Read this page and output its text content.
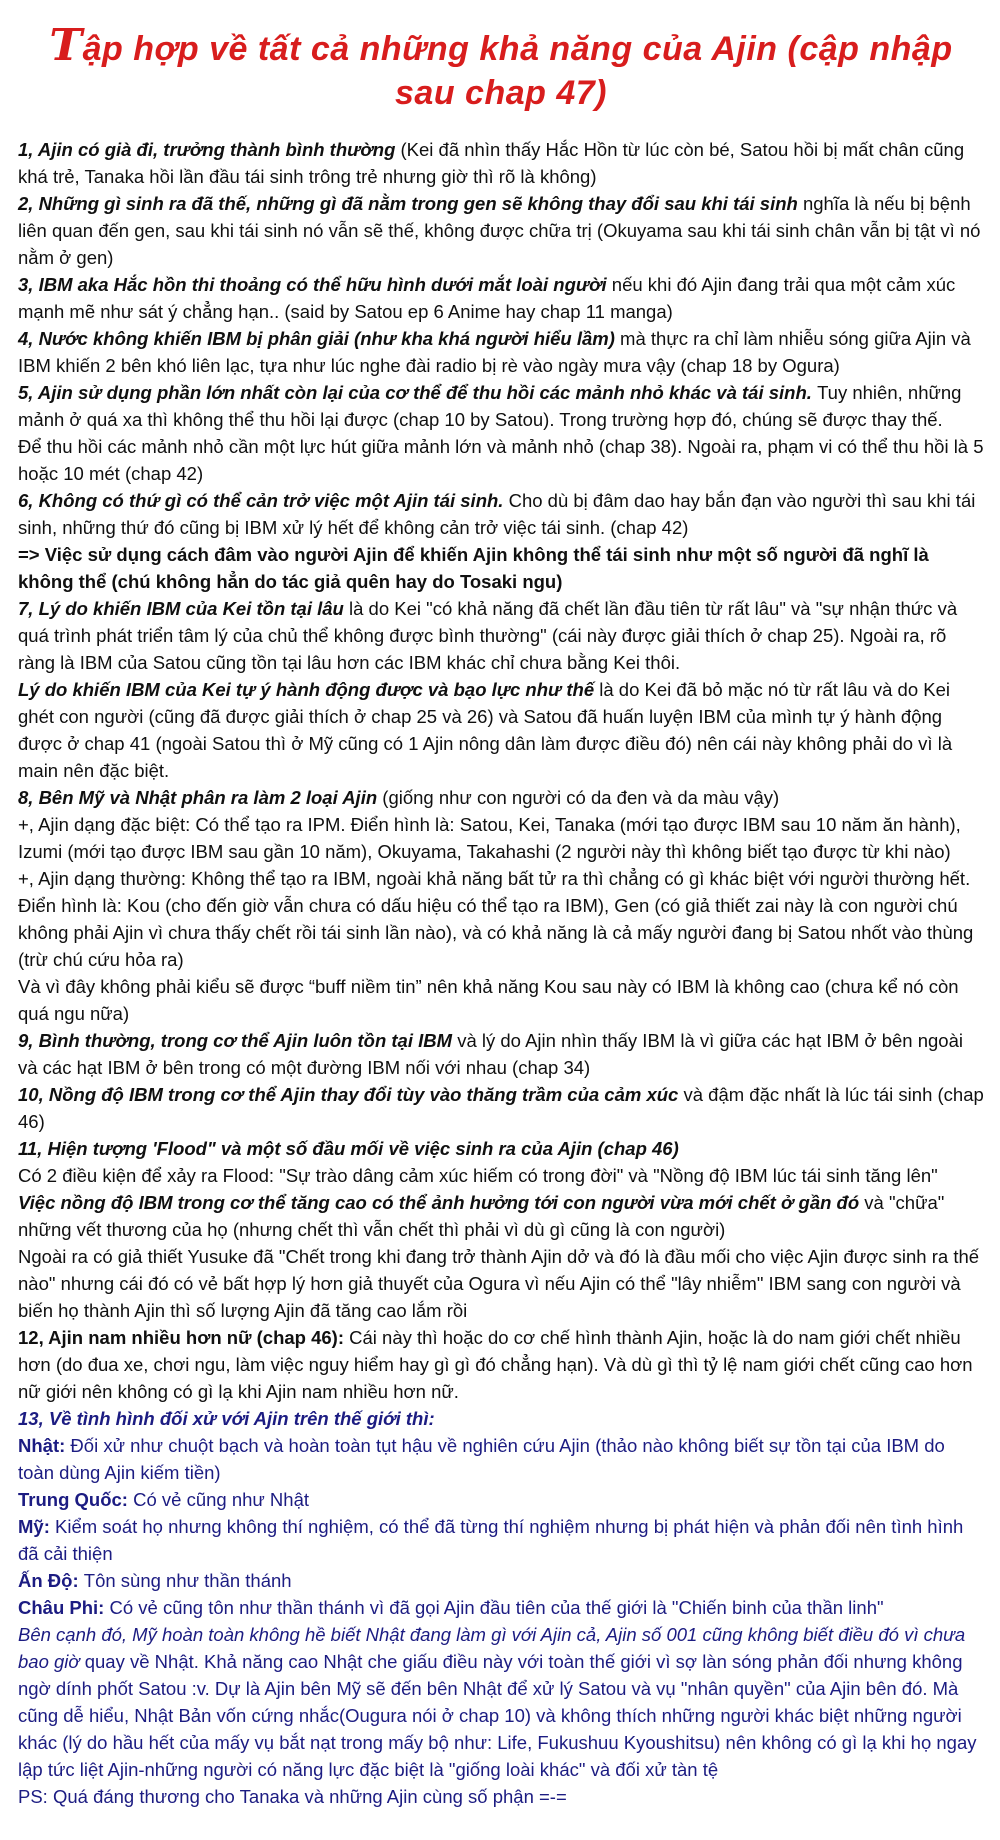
Tập hợp về tất cả những khả năng của Ajin (cập nhập sau chap 47)
1, Ajin có già đi, trưởng thành bình thường (Kei đã nhìn thấy Hắc Hồn từ lúc còn bé, Satou hồi bị mất chân cũng khá trẻ, Tanaka hồi lần đầu tái sinh trông trẻ nhưng giờ thì rõ là không)
2, Những gì sinh ra đã thế, những gì đã nằm trong gen sẽ không thay đổi sau khi tái sinh nghĩa là nếu bị bệnh liên quan đến gen, sau khi tái sinh nó vẫn sẽ thế, không được chữa trị (Okuyama sau khi tái sinh chân vẫn bị tật vì nó nằm ở gen)
3, IBM aka Hắc hồn thi thoảng có thể hữu hình dưới mắt loài người nếu khi đó Ajin đang trải qua một cảm xúc mạnh mẽ như sát ý chẳng hạn.. (said by Satou ep 6 Anime hay chap 11 manga)
4, Nước không khiến IBM bị phân giải (như kha khá người hiểu lầm) mà thực ra chỉ làm nhiễu sóng giữa Ajin và IBM khiến 2 bên khó liên lạc, tựa như lúc nghe đài radio bị rè vào ngày mưa vậy (chap 18 by Ogura)
5, Ajin sử dụng phần lớn nhất còn lại của cơ thể để thu hồi các mảnh nhỏ khác và tái sinh. Tuy nhiên, những mảnh ở quá xa thì không thể thu hồi lại được (chap 10 by Satou). Trong trường hợp đó, chúng sẽ được thay thế.
Để thu hồi các mảnh nhỏ cần một lực hút giữa mảnh lớn và mảnh nhỏ (chap 38). Ngoài ra, phạm vi có thể thu hồi là 5 hoặc 10 mét (chap 42)
6, Không có thứ gì có thể cản trở việc một Ajin tái sinh. Cho dù bị đâm dao hay bắn đạn vào người thì sau khi tái sinh, những thứ đó cũng bị IBM xử lý hết để không cản trở việc tái sinh. (chap 42)
=> Việc sử dụng cách đâm vào người Ajin để khiến Ajin không thể tái sinh như một số người đã nghĩ là không thể (chú không hẳn do tác giả quên hay do Tosaki ngu)
7, Lý do khiến IBM của Kei tồn tại lâu là do Kei "có khả năng đã chết lần đầu tiên từ rất lâu" và "sự nhận thức và quá trình phát triển tâm lý của chủ thể không được bình thường" (cái này được giải thích ở chap 25). Ngoài ra, rõ ràng là IBM của Satou cũng tồn tại lâu hơn các IBM khác chỉ chưa bằng Kei thôi.
Lý do khiến IBM của Kei tự ý hành động được và bạo lực như thế là do Kei đã bỏ mặc nó từ rất lâu và do Kei ghét con người (cũng đã được giải thích ở chap 25 và 26) và Satou đã huấn luyện IBM của mình tự ý hành động được ở chap 41 (ngoài Satou thì ở Mỹ cũng có 1 Ajin nông dân làm được điều đó) nên cái này không phải do vì là main nên đặc biệt.
8, Bên Mỹ và Nhật phân ra làm 2 loại Ajin (giống như con người có da đen và da màu vậy)
+, Ajin dạng đặc biệt: Có thể tạo ra IPM. Điển hình là: Satou, Kei, Tanaka (mới tạo được IBM sau 10 năm ăn hành), Izumi (mới tạo được IBM sau gần 10 năm), Okuyama, Takahashi (2 người này thì không biết tạo được từ khi nào)
+, Ajin dạng thường: Không thể tạo ra IBM, ngoài khả năng bất tử ra thì chẳng có gì khác biệt với người thường hết. Điển hình là: Kou (cho đến giờ vẫn chưa có dấu hiệu có thể tạo ra IBM), Gen (có giả thiết zai này là con người chú không phải Ajin vì chưa thấy chết rồi tái sinh lần nào), và có khả năng là cả mấy người đang bị Satou nhốt vào thùng (trừ chú cứu hỏa ra)
Và vì đây không phải kiểu sẽ được “buff niềm tin” nên khả năng Kou sau này có IBM là không cao (chưa kể nó còn quá ngu nữa)
9, Bình thường, trong cơ thể Ajin luôn tồn tại IBM và lý do Ajin nhìn thấy IBM là vì giữa các hạt IBM ở bên ngoài và các hạt IBM ở bên trong có một đường IBM nối với nhau (chap 34)
10, Nồng độ IBM trong cơ thể Ajin thay đổi tùy vào thăng trầm của cảm xúc và đậm đặc nhất là lúc tái sinh (chap 46)
11, Hiện tượng 'Flood" và một số đầu mối về việc sinh ra của Ajin (chap 46)
Có 2 điều kiện để xảy ra Flood: "Sự trào dâng cảm xúc hiếm có trong đời" và "Nồng độ IBM lúc tái sinh tăng lên"
Việc nồng độ IBM trong cơ thể tăng cao có thể ảnh hưởng tới con người vừa mới chết ở gần đó và "chữa" những vết thương của họ (nhưng chết thì vẫn chết thì phải vì dù gì cũng là con người)
Ngoài ra có giả thiết Yusuke đã "Chết trong khi đang trở thành Ajin dở và đó là đầu mối cho việc Ajin được sinh ra thế nào" nhưng cái đó có vẻ bất hợp lý hơn giả thuyết của Ogura vì nếu Ajin có thể "lây nhiễm" IBM sang con người và biến họ thành Ajin thì số lượng Ajin đã tăng cao lắm rồi
12, Ajin nam nhiều hơn nữ (chap 46): Cái này thì hoặc do cơ chế hình thành Ajin, hoặc là do nam giới chết nhiều hơn (do đua xe, chơi ngu, làm việc nguy hiểm hay gì gì đó chẳng hạn). Và dù gì thì tỷ lệ nam giới chết cũng cao hơn nữ giới nên không có gì lạ khi Ajin nam nhiều hơn nữ.
13, Về tình hình đối xử với Ajin trên thế giới thì:
Nhật: Đối xử như chuột bạch và hoàn toàn tụt hậu về nghiên cứu Ajin (thảo nào không biết sự tồn tại của IBM do toàn dùng Ajin kiếm tiền)
Trung Quốc: Có vẻ cũng như Nhật
Mỹ: Kiểm soát họ nhưng không thí nghiệm, có thể đã từng thí nghiệm nhưng bị phát hiện và phản đối nên tình hình đã cải thiện
Ấn Độ: Tôn sùng như thần thánh
Châu Phi: Có vẻ cũng tôn như thần thánh vì đã gọi Ajin đầu tiên của thế giới là "Chiến binh của thần linh"
Bên cạnh đó, Mỹ hoàn toàn không hề biết Nhật đang làm gì với Ajin cả, Ajin số 001 cũng không biết điều đó vì chưa bao giờ quay về Nhật. Khả năng cao Nhật che giấu điều này với toàn thế giới vì sợ làn sóng phản đối nhưng không ngờ dính phốt Satou :v. Dự là Ajin bên Mỹ sẽ đến bên Nhật để xử lý Satou và vụ "nhân quyền" của Ajin bên đó. Mà cũng dễ hiểu, Nhật Bản vốn cứng nhắc(Ougura nói ở chap 10) và không thích những người khác biệt những người khác (lý do hầu hết của mấy vụ bắt nạt trong mấy bộ như: Life, Fukushuu Kyoushitsu) nên không có gì lạ khi họ ngay lập tức liệt Ajin-những người có năng lực đặc biệt là "giống loài khác" và đối xử tàn tệ
PS: Quá đáng thương cho Tanaka và những Ajin cùng số phận =-=
